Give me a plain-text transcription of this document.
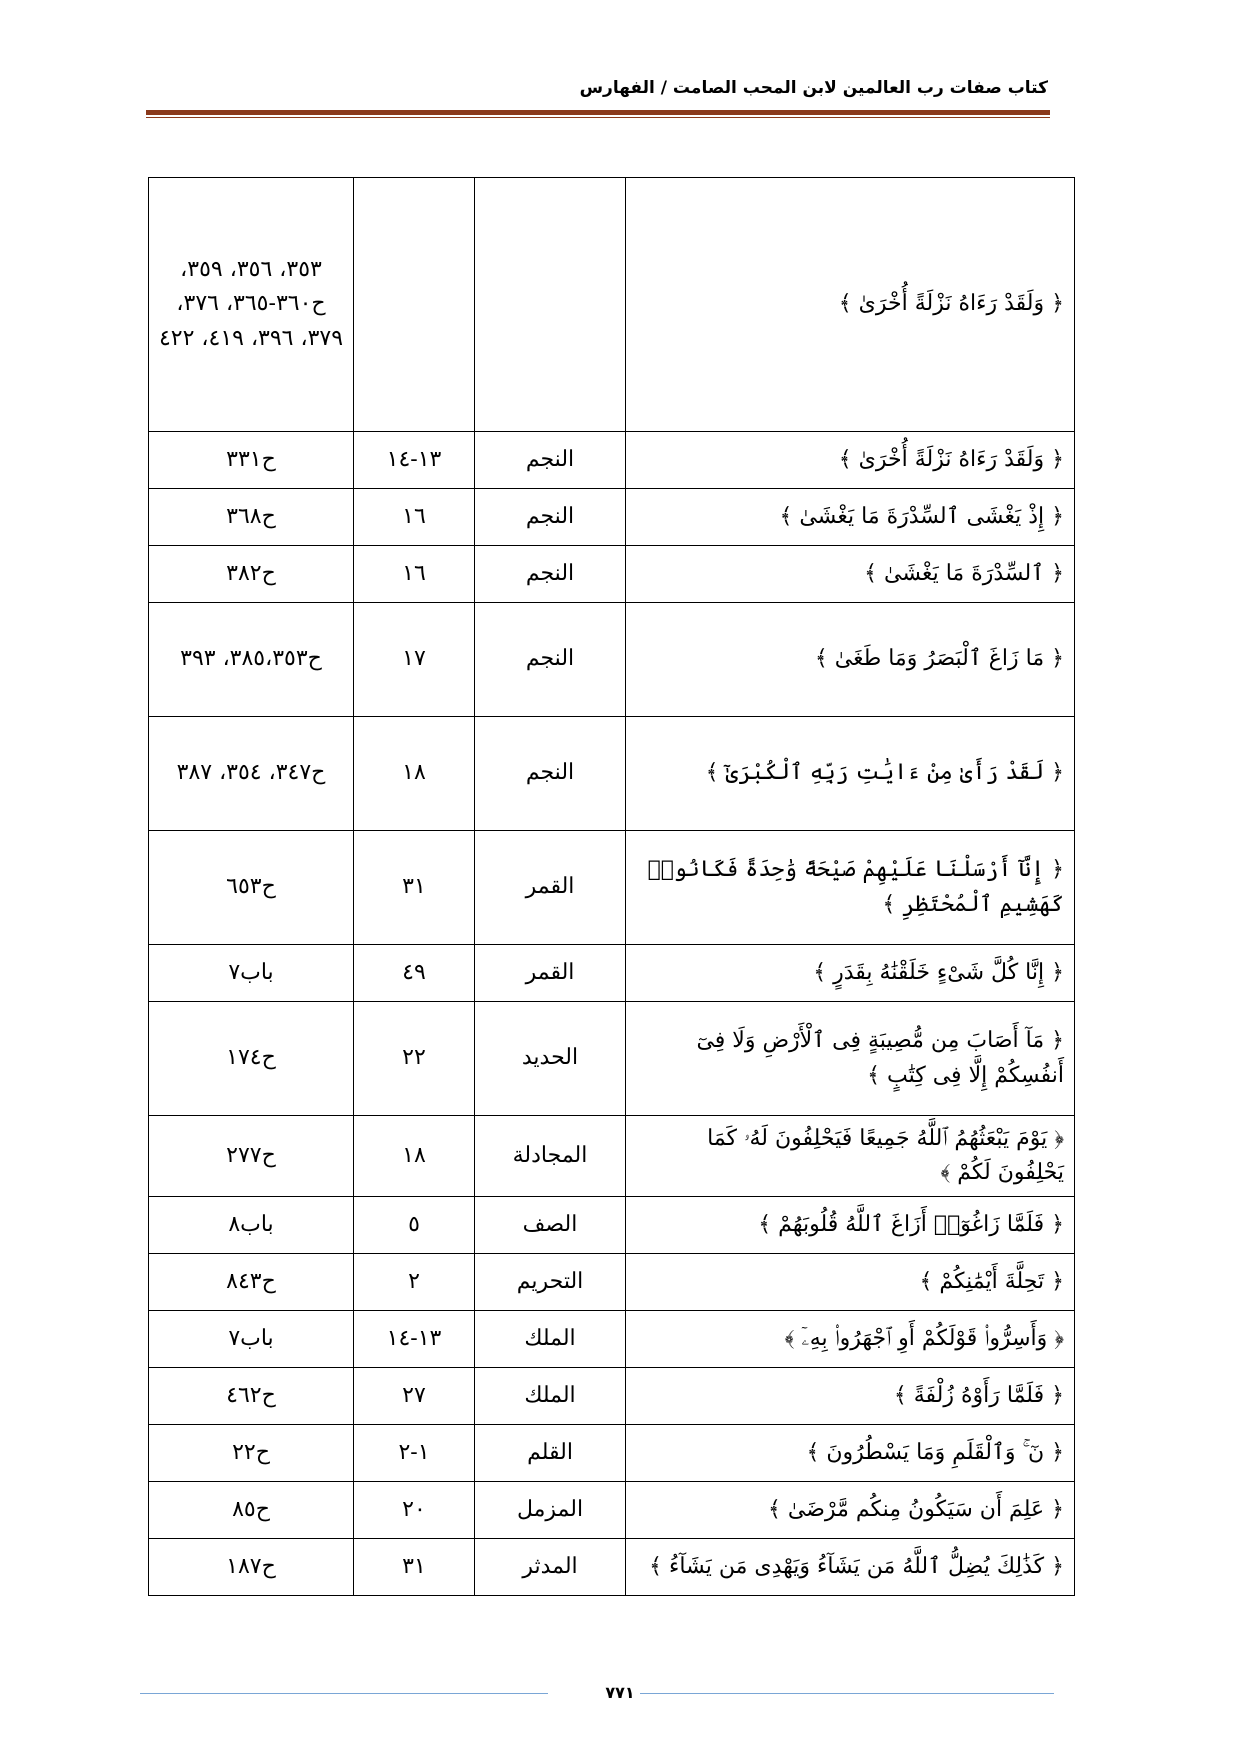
كتاب صفات رب العالمين لابن المحب الصامت / الفهارس
﴿ وَلَقَدْ رَءَاهُ نَزْلَةً أُخْرَىٰ ﴾			٣٥٣، ٣٥٦، ٣٥٩، ح٣٦٠-٣٦٥، ٣٧٦، ٣٧٩، ٣٩٦، ٤١٩، ٤٢٢
﴿ وَلَقَدْ رَءَاهُ نَزْلَةً أُخْرَىٰ ﴾	النجم	١٣-١٤	ح٣٣١
﴿ إِذْ يَغْشَى ٱلسِّدْرَةَ مَا يَغْشَىٰ ﴾	النجم	١٦	ح٣٦٨
﴿ ٱلسِّدْرَةَ مَا يَغْشَىٰ ﴾	النجم	١٦	ح٣٨٢
﴿ مَا زَاغَ ٱلْبَصَرُ وَمَا طَغَىٰ ﴾	النجم	١٧	ح٣٨٥،٣٥٣، ٣٩٣
﴿ لَقَدْ رَأَىٰ مِنْ ءَايَٰتِ رَبِّهِ ٱلْكُبْرَىٰٓ ﴾	النجم	١٨	ح٣٤٧، ٣٥٤، ٣٨٧
﴿ إِنَّآ أَرْسَلْنَا عَلَيْهِمْ صَيْحَةً وَٰحِدَةً فَكَانُوا۟ كَهَشِيمِ ٱلْمُحْتَظِرِ ﴾	القمر	٣١	ح٦٥٣
﴿ إِنَّا كُلَّ شَىْءٍ خَلَقْنَٰهُ بِقَدَرٍ ﴾	القمر	٤٩	باب٧
﴿ مَآ أَصَابَ مِن مُّصِيبَةٍ فِى ٱلْأَرْضِ وَلَا فِىٓ أَنفُسِكُمْ إِلَّا فِى كِتَٰبٍ ﴾	الحديد	٢٢	ح١٧٤
﴿ يَوْمَ يَبْعَثُهُمُ ٱللَّهُ جَمِيعًا فَيَحْلِفُونَ لَهُۥ كَمَا يَحْلِفُونَ لَكُمْ ﴾	المجادلة	١٨	ح٢٧٧
﴿ فَلَمَّا زَاغُوٓا۟ أَزَاغَ ٱللَّهُ قُلُوبَهُمْ ﴾	الصف	٥	باب٨
﴿ تَحِلَّةَ أَيْمَٰنِكُمْ ﴾	التحريم	٢	ح٨٤٣
﴿ وَأَسِرُّوا۟ قَوْلَكُمْ أَوِ ٱجْهَرُوا۟ بِهِۦٓ ﴾	الملك	١٣-١٤	باب٧
﴿ فَلَمَّا رَأَوْهُ زُلْفَةً ﴾	الملك	٢٧	ح٤٦٢
﴿ نٓ ۚ وَٱلْقَلَمِ وَمَا يَسْطُرُونَ ﴾	القلم	١-٢	ح٢٢
﴿ عَلِمَ أَن سَيَكُونُ مِنكُم مَّرْضَىٰ ﴾	المزمل	٢٠	ح٨٥
﴿ كَذَٰلِكَ يُضِلُّ ٱللَّهُ مَن يَشَآءُ وَيَهْدِى مَن يَشَآءُ ﴾	المدثر	٣١	ح١٨٧
٧٧١
